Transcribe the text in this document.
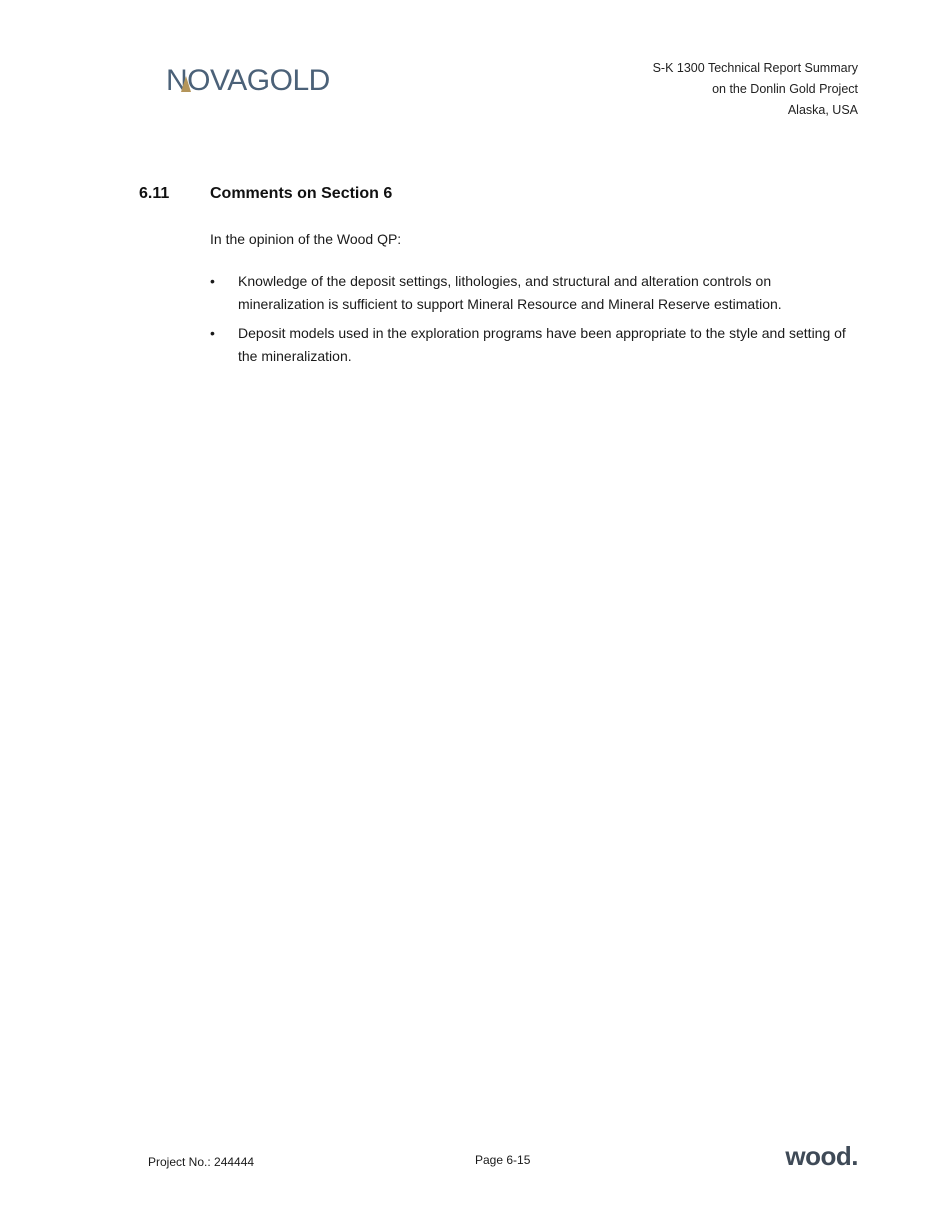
NOVAGOLD	S-K 1300 Technical Report Summary
on the Donlin Gold Project
Alaska, USA
6.11	Comments on Section 6
In the opinion of the Wood QP:
•	Knowledge of the deposit settings, lithologies, and structural and alteration controls on mineralization is sufficient to support Mineral Resource and Mineral Reserve estimation.
•	Deposit models used in the exploration programs have been appropriate to the style and setting of the mineralization.
Project No.: 244444	Page 6-15	wood.
